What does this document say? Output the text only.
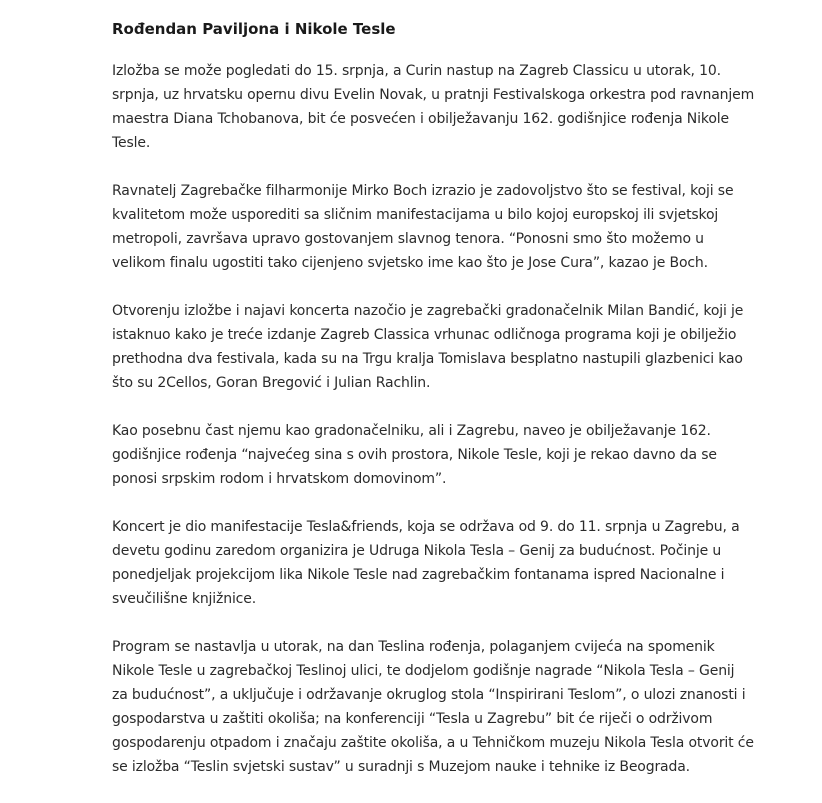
Rođendan Paviljona i Nikole Tesle

Izložba se može pogledati do 15. srpnja, a Curin nastup na Zagreb Classicu u utorak, 10.
srpnja, uz hrvatsku opernu divu Evelin Novak, u pratnji Festivalskoga orkestra pod ravnanjem
maestra Diana Tchobanova, bit će posvećen i obilježavanju 162. godišnjice rođenja Nikole
Tesle.

Ravnatelj Zagrebačke filharmonije Mirko Boch izrazio je zadovoljstvo što se festival, koji se
kvalitetom može usporediti sa sličnim manifestacijama u bilo kojoj europskoj ili svjetskoj
metropoli, završava upravo gostovanjem slavnog tenora. “Ponosni smo što možemo u
velikom finalu ugostiti tako cijenjeno svjetsko ime kao što je Jose Cura”, kazao je Boch.

Otvorenju izložbe i najavi koncerta nazočio je zagrebački gradonačelnik Milan Bandić, koji je
istaknuo kako je treće izdanje Zagreb Classica vrhunac odličnoga programa koji je obilježio
prethodna dva festivala, kada su na Trgu kralja Tomislava besplatno nastupili glazbenici kao
što su 2Cellos, Goran Bregović i Julian Rachlin.

Kao posebnu čast njemu kao gradonačelniku, ali i Zagrebu, naveo je obilježavanje 162.
godišnjice rođenja “najvećeg sina s ovih prostora, Nikole Tesle, koji je rekao davno da se
ponosi srpskim rodom i hrvatskom domovinom”.

Koncert je dio manifestacije Tesla&friends, koja se održava od 9. do 11. srpnja u Zagrebu, a
devetu godinu zaredom organizira je Udruga Nikola Tesla – Genij za budućnost. Počinje u
ponedjeljak projekcijom lika Nikole Tesle nad zagrebačkim fontanama ispred Nacionalne i
sveučilišne knjižnice.

Program se nastavlja u utorak, na dan Teslina rođenja, polaganjem cvijeća na spomenik
Nikole Tesle u zagrebačkoj Teslinoj ulici, te dodjelom godišnje nagrade “Nikola Tesla – Genij
za budućnost”, a uključuje i održavanje okruglog stola “Inspirirani Teslom”, o ulozi znanosti i
gospodarstva u zaštiti okoliša; na konferenciji “Tesla u Zagrebu” bit će riječi o održivom
gospodarenju otpadom i značaju zaštite okoliša, a u Tehničkom muzeju Nikola Tesla otvorit će
se izložba “Teslin svjetski sustav” u suradnji s Muzejom nauke i tehnike iz Beograda.
